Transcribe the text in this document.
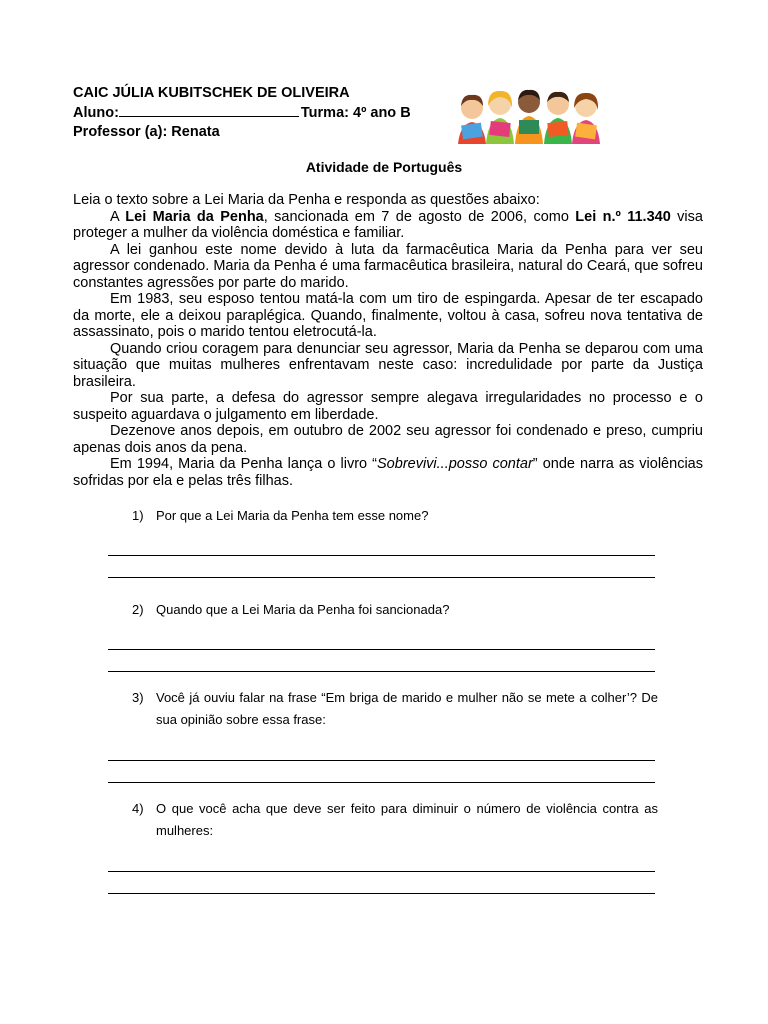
CAIC JÚLIA KUBITSCHEK DE OLIVEIRA
Aluno:	Turma: 4º ano B
Professor (a): Renata
Atividade de Português

Leia o texto sobre a Lei Maria da Penha e responda as questões abaixo:

A Lei Maria da Penha, sancionada em 7 de agosto de 2006, como Lei n.º 11.340 visa proteger a mulher da violência doméstica e familiar.

A lei ganhou este nome devido à luta da farmacêutica Maria da Penha para ver seu agressor condenado. Maria da Penha é uma farmacêutica brasileira, natural do Ceará, que sofreu constantes agressões por parte do marido.

Em 1983, seu esposo tentou matá-la com um tiro de espingarda. Apesar de ter escapado da morte, ele a deixou paraplégica. Quando, finalmente, voltou à casa, sofreu nova tentativa de assassinato, pois o marido tentou eletrocutá-la.

Quando criou coragem para denunciar seu agressor, Maria da Penha se deparou com uma situação que muitas mulheres enfrentavam neste caso: incredulidade por parte da Justiça brasileira.

Por sua parte, a defesa do agressor sempre alegava irregularidades no processo e o suspeito aguardava o julgamento em liberdade.

Dezenove anos depois, em outubro de 2002 seu agressor foi condenado e preso, cumpriu apenas dois anos da pena.

Em 1994, Maria da Penha lança o livro “Sobrevivi...posso contar” onde narra as violências sofridas por ela e pelas três filhas.

1) Por que a Lei Maria da Penha tem esse nome?
2) Quando que a Lei Maria da Penha foi sancionada?
3) Você já ouviu falar na frase “Em briga de marido e mulher não se mete a colher’? De sua opinião sobre essa frase:
4) O que você acha que deve ser feito para diminuir o número de violência contra as mulheres:
